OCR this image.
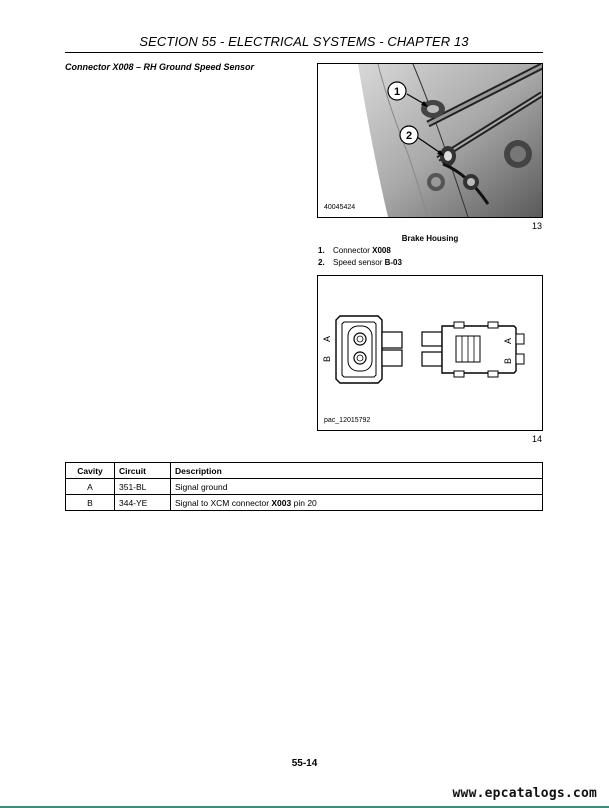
SECTION 55 - ELECTRICAL SYSTEMS - CHAPTER 13
Connector X008 – RH Ground Speed Sensor
1
2
40045424
13
Brake Housing
1. Connector X008
2. Speed sensor B-03
A
B
A
B
pac_12015792
14
Cavity	Circuit	Description
A	351-BL	Signal ground
B	344-YE	Signal to XCM connector X003 pin 20
55-14
www.epcatalogs.com
